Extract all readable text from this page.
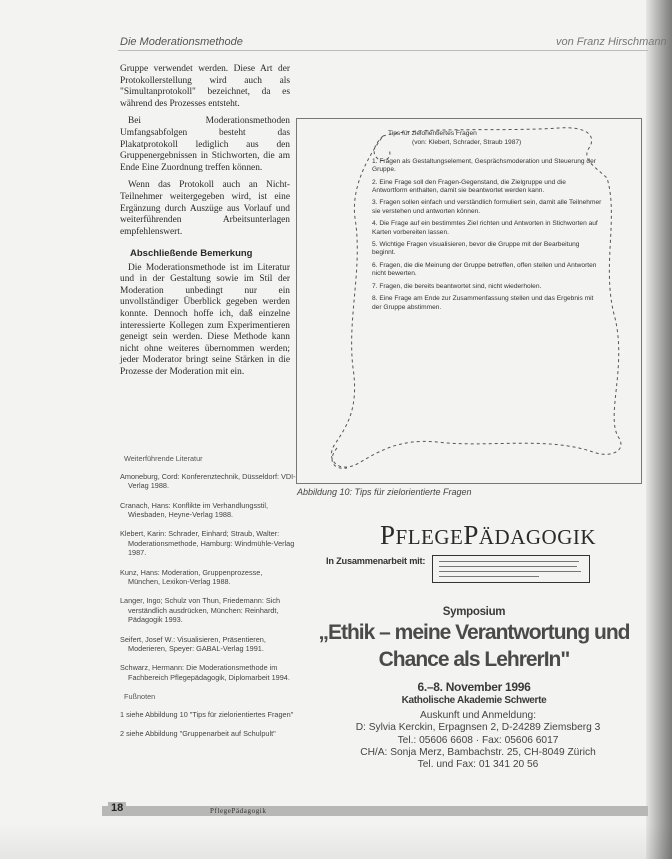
Die Moderationsmethode	von Franz Hirschmann

Gruppe verwendet werden. Diese Art der Protokollerstellung wird auch als "Simultanprotokoll" bezeichnet, da es während des Prozesses entsteht.

Bei Moderationsmethoden Umfangsabfolgen besteht das Plakatprotokoll lediglich aus den Gruppenergebnissen in Stichworten, die am Ende Eine Zuordnung treffen können.

Wenn das Protokoll auch an Nicht-Teilnehmer weitergegeben wird, ist eine Ergänzung durch Auszüge aus Vorlauf und weiterführenden Arbeitsunterlagen empfehlenswert.

Abschließende Bemerkung

Die Moderationsmethode ist im Literatur und in der Gestaltung sowie im Stil der Moderation unbedingt nur ein unvollständiger Überblick gegeben werden konnte. Dennoch hoffe ich, daß einzelne interessierte Kollegen zum Experimentieren geneigt sein werden. Diese Methode kann nicht ohne weiteres übernommen werden; jeder Moderator bringt seine Stärken in die Prozesse der Moderation mit ein.

Weiterführende Literatur
Amoneburg, Cord: Konferenztechnik, Düsseldorf: VDI-Verlag 1988.
Cranach, Hans: Konflikte im Verhandlungsstil, Wiesbaden, Heyne-Verlag 1988.
Klebert, Karin: Schrader, Einhard; Straub, Walter: Moderationsmethode, Hamburg: Windmühle-Verlag 1987.
Kunz, Hans: Moderation, Gruppenprozesse, München, Lexikon-Verlag 1988.
Langer, Ingo; Schulz von Thun, Friedemann: Sich verständlich ausdrücken, München: Reinhardt, Pädagogik 1993.
Seifert, Josef W.: Visualisieren, Präsentieren, Moderieren, Speyer: GABAL-Verlag 1991.
Schwarz, Hermann: Die Moderationsmethode im Fachbereich Pflegepädagogik, Diplomarbeit 1994.
Fußnoten
1 siehe Abbildung 10 "Tips für zielorientiertes Fragen"
2 siehe Abbildung "Gruppenarbeit auf Schulpult"
Tips für zielorientiertes Fragen
(von: Klebert, Schrader, Straub 1987)
1. Fragen als Gestaltungselement, Gesprächsmoderation und Steuerung der Gruppe.
2. Eine Frage soll den Fragen-Gegenstand, die Zielgruppe und die Antwortform enthalten, damit sie beantwortet werden kann.
3. Fragen sollen einfach und verständlich formuliert sein, damit alle Teilnehmer sie verstehen und antworten können.
4. Die Frage auf ein bestimmtes Ziel richten und Antworten in Stichworten auf Karten vorbereiten lassen.
5. Wichtige Fragen visualisieren, bevor die Gruppe mit der Bearbeitung beginnt.
6. Fragen, die die Meinung der Gruppe betreffen, offen stellen und Antworten nicht bewerten.
7. Fragen, die bereits beantwortet sind, nicht wiederholen.
8. Eine Frage am Ende zur Zusammenfassung stellen und das Ergebnis mit der Gruppe abstimmen.
Abbildung 10: Tips für zielorientierte Fragen
PFLEGEPÄDAGOGIK
In Zusammenarbeit mit:
Symposium
„Ethik – meine Verantwortung und
Chance als LehrerIn"
6.–8. November 1996
Katholische Akademie Schwerte
Auskunft und Anmeldung:
D: Sylvia Kerckin, Erpagnsen 2, D-24289 Ziemsberg 3
Tel.: 05606 6608 · Fax: 05606 6017
CH/A: Sonja Merz, Bambachstr. 25, CH-8049 Zürich
Tel. und Fax: 01 341 20 56
18	PflegePädagogik
